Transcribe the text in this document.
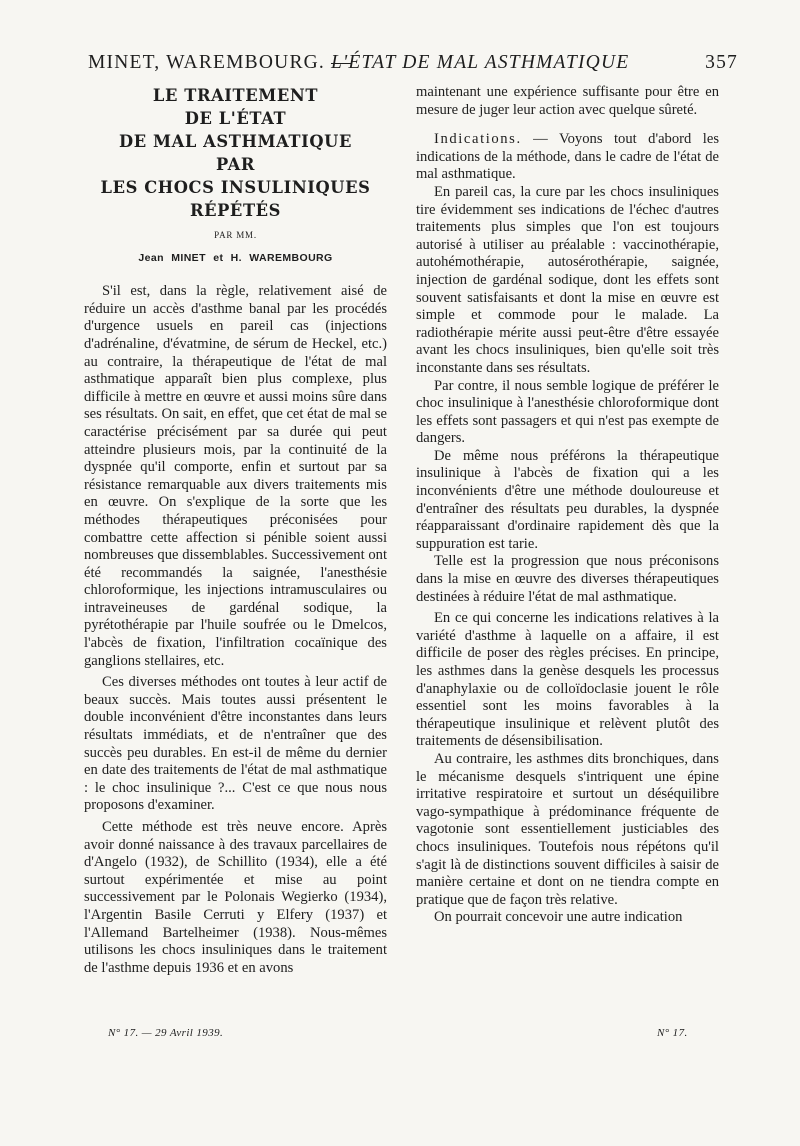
MINET, WAREMBOURG. —
L'ÉTAT DE MAL ASTHMATIQUE	357
LE TRAITEMENT
DE L'ÉTAT
DE MAL ASTHMATIQUE
PAR
LES CHOCS INSULINIQUES
RÉPÉTÉS
PAR MM.
Jean MINET et H. WAREMBOURG

S'il est, dans la règle, relativement aisé de réduire un accès d'asthme banal par les procédés d'urgence usuels en pareil cas (injections d'adrénaline, d'évatmine, de sérum de Heckel, etc.) au contraire, la thérapeutique de l'état de mal asthmatique apparaît bien plus complexe, plus difficile à mettre en œuvre et aussi moins sûre dans ses résultats. On sait, en effet, que cet état de mal se caractérise précisément par sa durée qui peut atteindre plusieurs mois, par la continuité de la dyspnée qu'il comporte, enfin et surtout par sa résistance remarquable aux divers traitements mis en œuvre. On s'explique de la sorte que les méthodes thérapeutiques préconisées pour combattre cette affection si pénible soient aussi nombreuses que dissemblables. Successivement ont été recommandés la saignée, l'anesthésie chloroformique, les injections intramusculaires ou intraveineuses de gardénal sodique, la pyrétothérapie par l'huile soufrée ou le Dmelcos, l'abcès de fixation, l'infiltration cocaïnique des ganglions stellaires, etc.

Ces diverses méthodes ont toutes à leur actif de beaux succès. Mais toutes aussi présentent le double inconvénient d'être inconstantes dans leurs résultats immédiats, et de n'entraîner que des succès peu durables. En est-il de même du dernier en date des traitements de l'état de mal asthmatique : le choc insulinique ?... C'est ce que nous nous proposons d'examiner.

Cette méthode est très neuve encore. Après avoir donné naissance à des travaux parcellaires de d'Angelo (1932), de Schillito (1934), elle a été surtout expérimentée et mise au point successivement par le Polonais Wegierko (1934), l'Argentin Basile Cerruti y Elfery (1937) et l'Allemand Bartelheimer (1938). Nous-mêmes utilisons les chocs insuliniques dans le traitement de l'asthme depuis 1936 et en avons

maintenant une expérience suffisante pour être en mesure de juger leur action avec quelque sûreté.

Indications. — Voyons tout d'abord les indications de la méthode, dans le cadre de l'état de mal asthmatique.

En pareil cas, la cure par les chocs insuliniques tire évidemment ses indications de l'échec d'autres traitements plus simples que l'on est toujours autorisé à utiliser au préalable : vaccinothérapie, autohémothérapie, autosérothérapie, saignée, injection de gardénal sodique, dont les effets sont souvent satisfaisants et dont la mise en œuvre est simple et commode pour le malade. La radiothérapie mérite aussi peut-être d'être essayée avant les chocs insuliniques, bien qu'elle soit très inconstante dans ses résultats.

Par contre, il nous semble logique de préférer le choc insulinique à l'anesthésie chloroformique dont les effets sont passagers et qui n'est pas exempte de dangers.

De même nous préférons la thérapeutique insulinique à l'abcès de fixation qui a les inconvénients d'être une méthode douloureuse et d'entraîner des résultats peu durables, la dyspnée réapparaissant d'ordinaire rapidement dès que la suppuration est tarie.

Telle est la progression que nous préconisons dans la mise en œuvre des diverses thérapeutiques destinées à réduire l'état de mal asthmatique.

En ce qui concerne les indications relatives à la variété d'asthme à laquelle on a affaire, il est difficile de poser des règles précises. En principe, les asthmes dans la genèse desquels les processus d'anaphylaxie ou de colloïdoclasie jouent le rôle essentiel sont les moins favorables à la thérapeutique insulinique et relèvent plutôt des traitements de désensibilisation.

Au contraire, les asthmes dits bronchiques, dans le mécanisme desquels s'intriquent une épine irritative respiratoire et surtout un déséquilibre vago-sympathique à prédominance fréquente de vagotonie sont essentiellement justiciables des chocs insuliniques. Toutefois nous répétons qu'il s'agit là de distinctions souvent difficiles à saisir de manière certaine et dont on ne tiendra compte en pratique que de façon très relative.

On pourrait concevoir une autre indication

N° 17. — 29 Avril 1939.	N° 17.
